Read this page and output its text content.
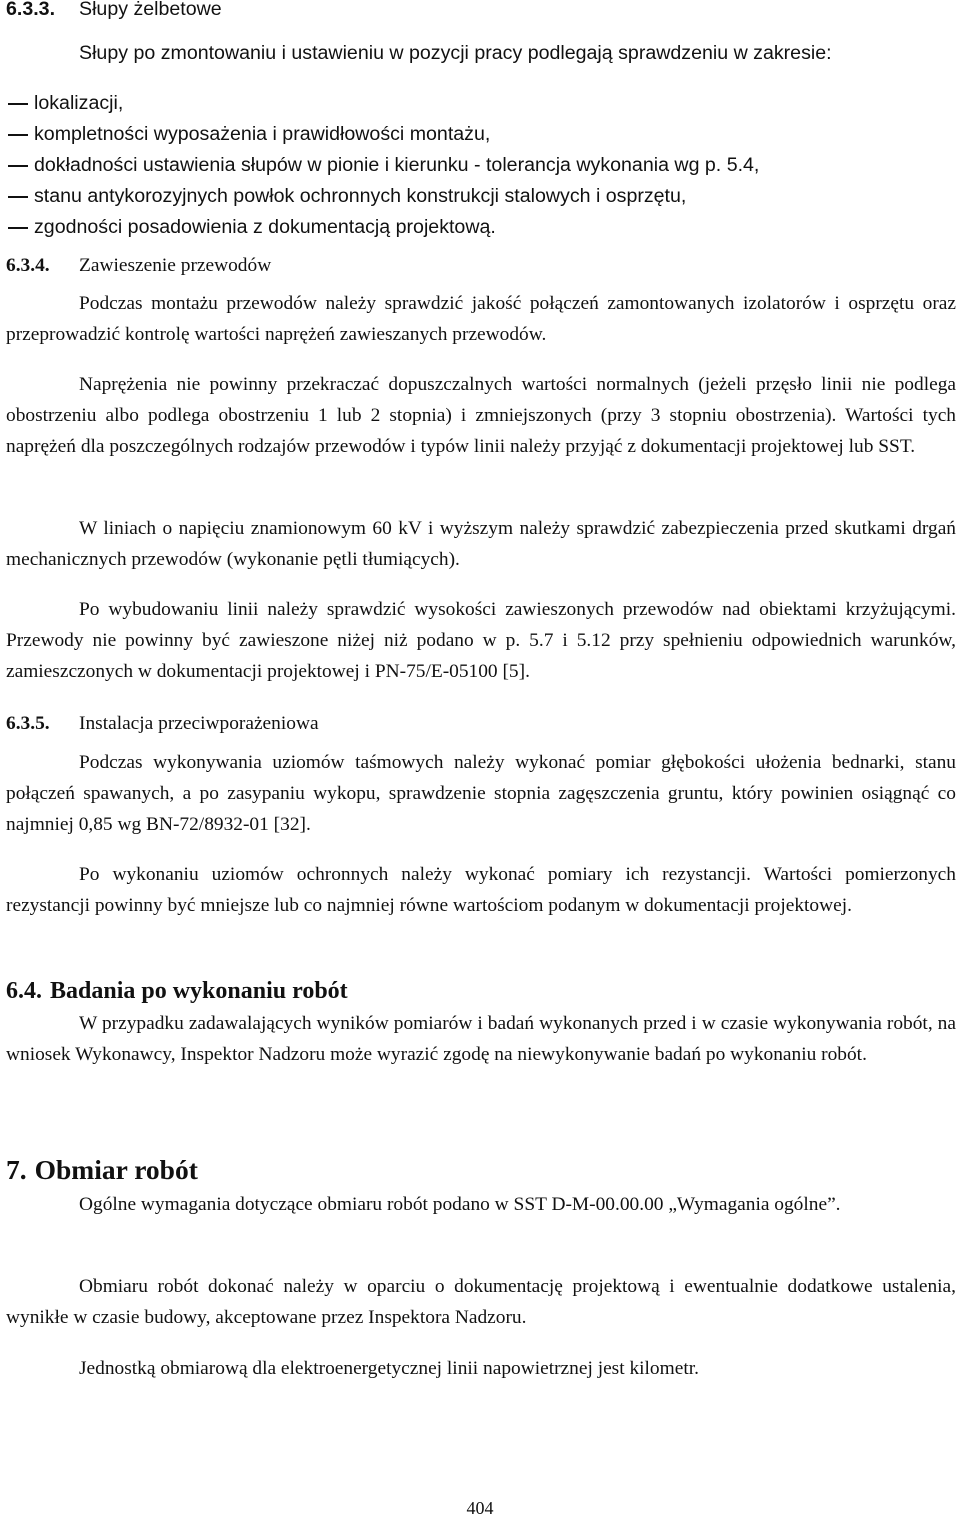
6.3.3. Słupy żelbetowe

Słupy po zmontowaniu i ustawieniu w pozycji pracy podlegają sprawdzeniu w zakresie:

lokalizacji,
kompletności wyposażenia i prawidłowości montażu,
dokładności ustawienia słupów w pionie i kierunku - tolerancja wykonania wg p. 5.4,
stanu antykorozyjnych powłok ochronnych konstrukcji stalowych i osprzętu,
zgodności posadowienia z dokumentacją projektową.
6.3.4. Zawieszenie przewodów

Podczas montażu przewodów należy sprawdzić jakość połączeń zamontowanych izolatorów i osprzętu oraz przeprowadzić kontrolę wartości naprężeń zawieszanych przewodów.

Naprężenia nie powinny przekraczać dopuszczalnych wartości normalnych (jeżeli przęsło linii nie podlega obostrzeniu albo podlega obostrzeniu 1 lub 2 stopnia) i zmniejszonych (przy 3 stopniu obostrzenia). Wartości tych naprężeń dla poszczególnych rodzajów przewodów i typów linii należy przyjąć z dokumentacji projektowej lub SST.

W liniach o napięciu znamionowym 60 kV i wyższym należy sprawdzić zabezpieczenia przed skutkami drgań mechanicznych przewodów (wykonanie pętli tłumiących).

Po wybudowaniu linii należy sprawdzić wysokości zawieszonych przewodów nad obiektami krzyżującymi. Przewody nie powinny być zawieszone niżej niż podano w p. 5.7 i 5.12 przy spełnieniu odpowiednich warunków, zamieszczonych w dokumentacji projektowej i PN-75/E-05100 [5].

6.3.5. Instalacja przeciwporażeniowa

Podczas wykonywania uziomów taśmowych należy wykonać pomiar głębokości ułożenia bednarki, stanu połączeń spawanych, a po zasypaniu wykopu, sprawdzenie stopnia zagęszczenia gruntu, który powinien osiągnąć co najmniej 0,85 wg BN-72/8932-01 [32].

Po wykonaniu uziomów ochronnych należy wykonać pomiary ich rezystancji. Wartości pomierzonych rezystancji powinny być mniejsze lub co najmniej równe wartościom podanym w dokumentacji projektowej.

6.4. Badania po wykonaniu robót

W przypadku zadawalających wyników pomiarów i badań wykonanych przed i w czasie wykonywania robót, na wniosek Wykonawcy, Inspektor Nadzoru może wyrazić zgodę na niewykonywanie badań po wykonaniu robót.

7. Obmiar robót

Ogólne wymagania dotyczące obmiaru robót podano w SST D-M-00.00.00 „Wymagania ogólne”.

Obmiaru robót dokonać należy w oparciu o dokumentację projektową i ewentualnie dodatkowe ustalenia, wynikłe w czasie budowy, akceptowane przez Inspektora Nadzoru.

Jednostką obmiarową dla elektroenergetycznej linii napowietrznej jest kilometr.

404
